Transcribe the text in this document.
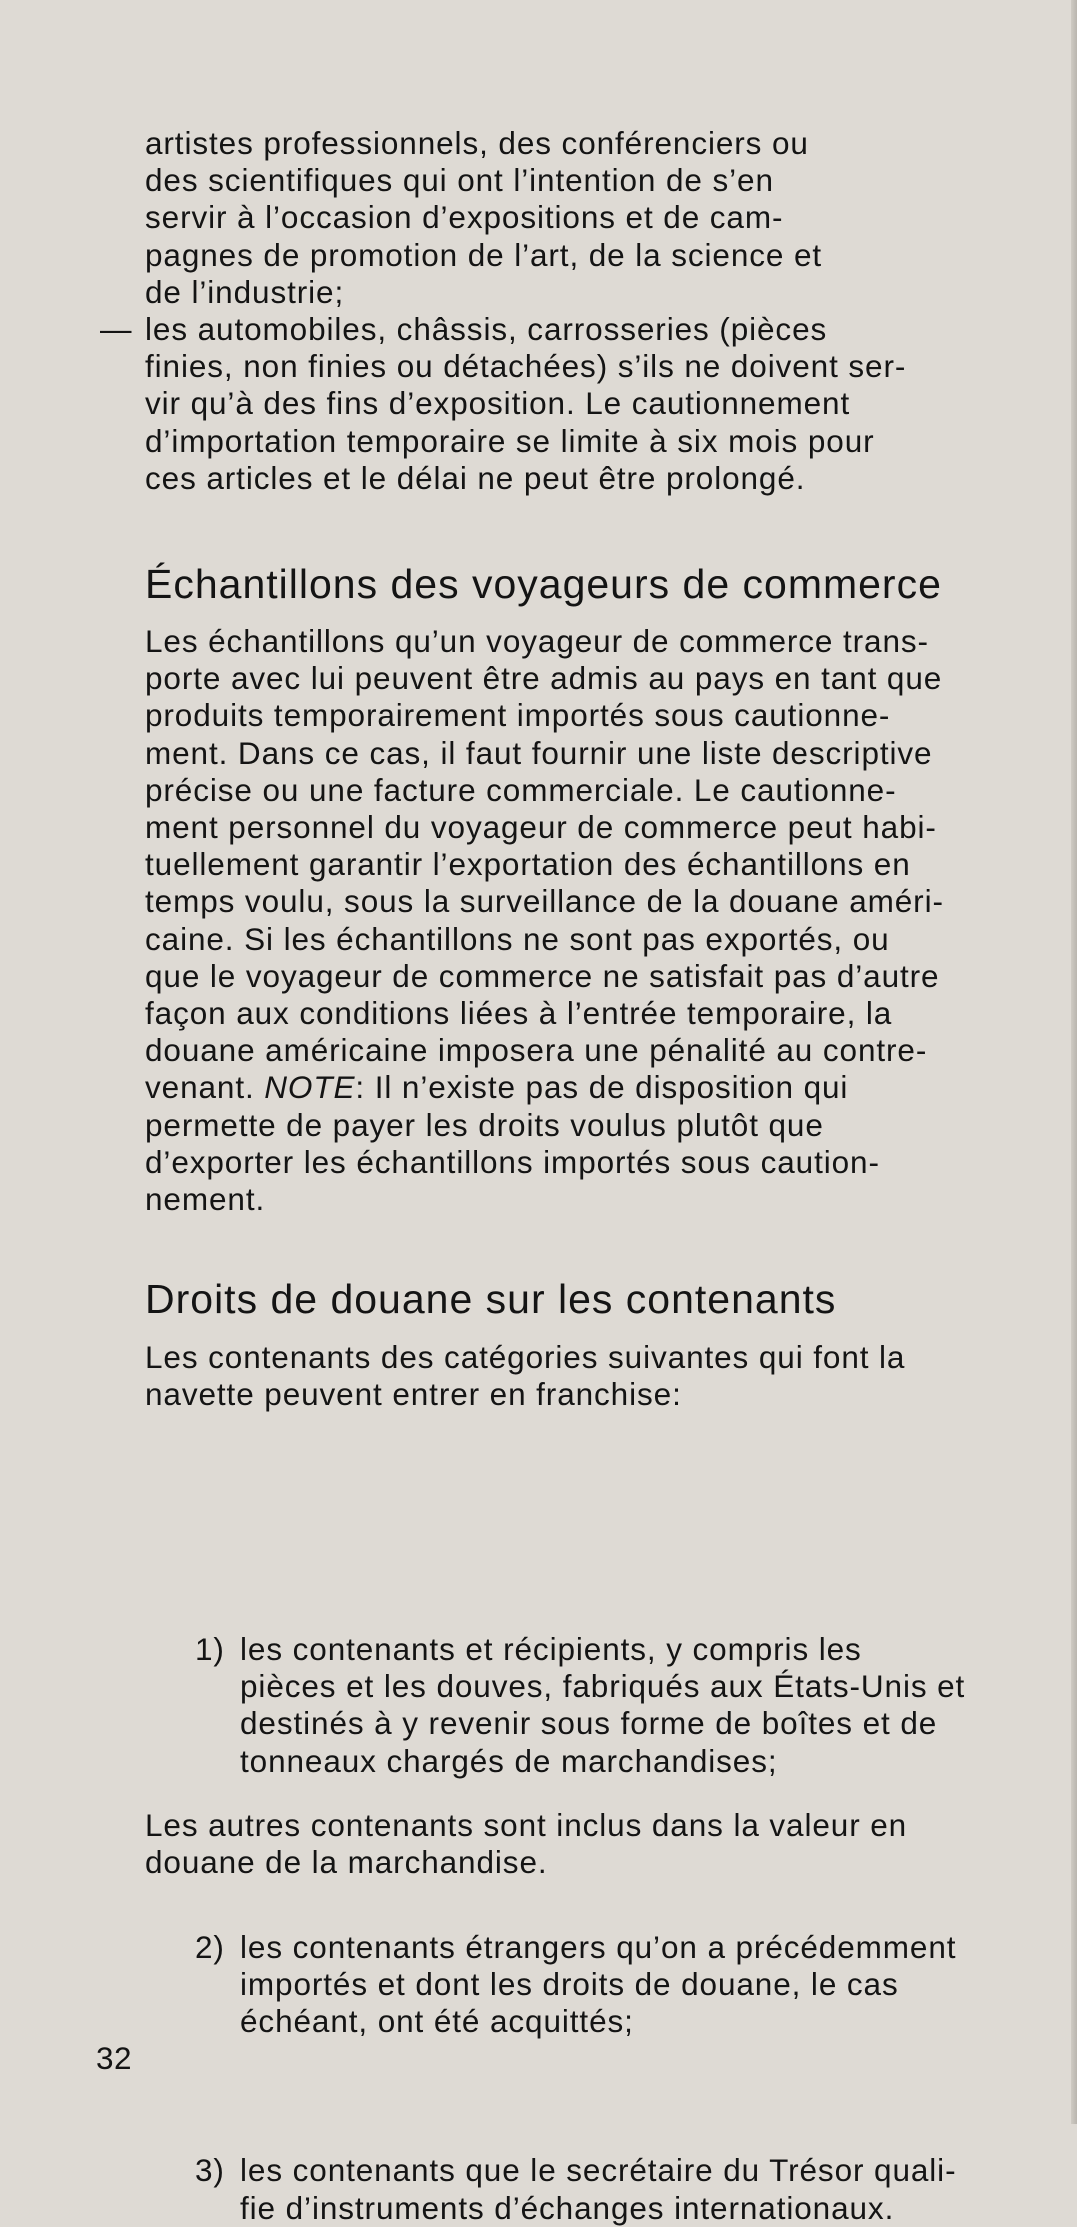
artistes professionnels, des conférenciers ou
des scientifiques qui ont l’intention de s’en
servir à l’occasion d’expositions et de cam-
pagnes de promotion de l’art, de la science et
de l’industrie;

— les automobiles, châssis, carrosseries (pièces
finies, non finies ou détachées) s’ils ne doivent ser-
vir qu’à des fins d’exposition. Le cautionnement
d’importation temporaire se limite à six mois pour
ces articles et le délai ne peut être prolongé.

Échantillons des voyageurs de commerce

Les échantillons qu’un voyageur de commerce trans-
porte avec lui peuvent être admis au pays en tant que
produits temporairement importés sous cautionne-
ment. Dans ce cas, il faut fournir une liste descriptive
précise ou une facture commerciale. Le cautionne-
ment personnel du voyageur de commerce peut habi-
tuellement garantir l’exportation des échantillons en
temps voulu, sous la surveillance de la douane améri-
caine. Si les échantillons ne sont pas exportés, ou
que le voyageur de commerce ne satisfait pas d’autre
façon aux conditions liées à l’entrée temporaire, la
douane américaine imposera une pénalité au contre-
venant. NOTE: Il n’existe pas de disposition qui
permette de payer les droits voulus plutôt que
d’exporter les échantillons importés sous caution-
nement.

Droits de douane sur les contenants

Les contenants des catégories suivantes qui font la
navette peuvent entrer en franchise:

1) les contenants et récipients, y compris les
pièces et les douves, fabriqués aux États-Unis et
destinés à y revenir sous forme de boîtes et de
tonneaux chargés de marchandises;

2) les contenants étrangers qu’on a précédemment
importés et dont les droits de douane, le cas
échéant, ont été acquittés;

3) les contenants que le secrétaire du Trésor quali-
fie d’instruments d’échanges internationaux.

Les autres contenants sont inclus dans la valeur en
douane de la marchandise.

32
